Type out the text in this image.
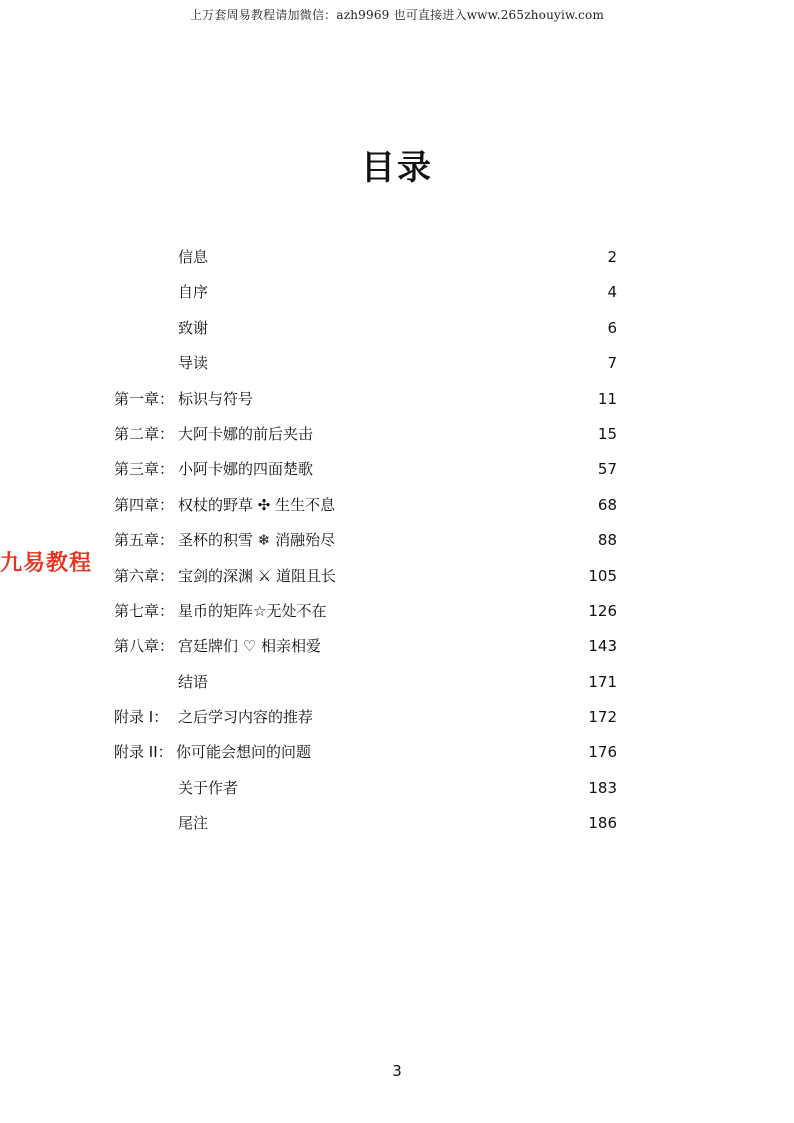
上万套周易教程请加微信：azh9969 也可直接进入www.265zhouyiw.com
目录
信息	2
自序	4
致谢	6
导读	7
第一章： 标识与符号	11
第二章： 大阿卡娜的前后夹击	15
第三章： 小阿卡娜的四面楚歌	57
第四章： 权杖的野草 ✣ 生生不息	68
第五章： 圣杯的积雪 ❄ 消融殆尽	88
第六章： 宝剑的深渊 ⚔ 道阻且长	105
第七章： 星币的矩阵☆无处不在	126
第八章： 宫廷牌们 ♡ 相亲相爱	143
结语	171
附录 I： 之后学习内容的推荐	172
附录 II： 你可能会想问的问题	176
关于作者	183
尾注	186
九易教程
3
